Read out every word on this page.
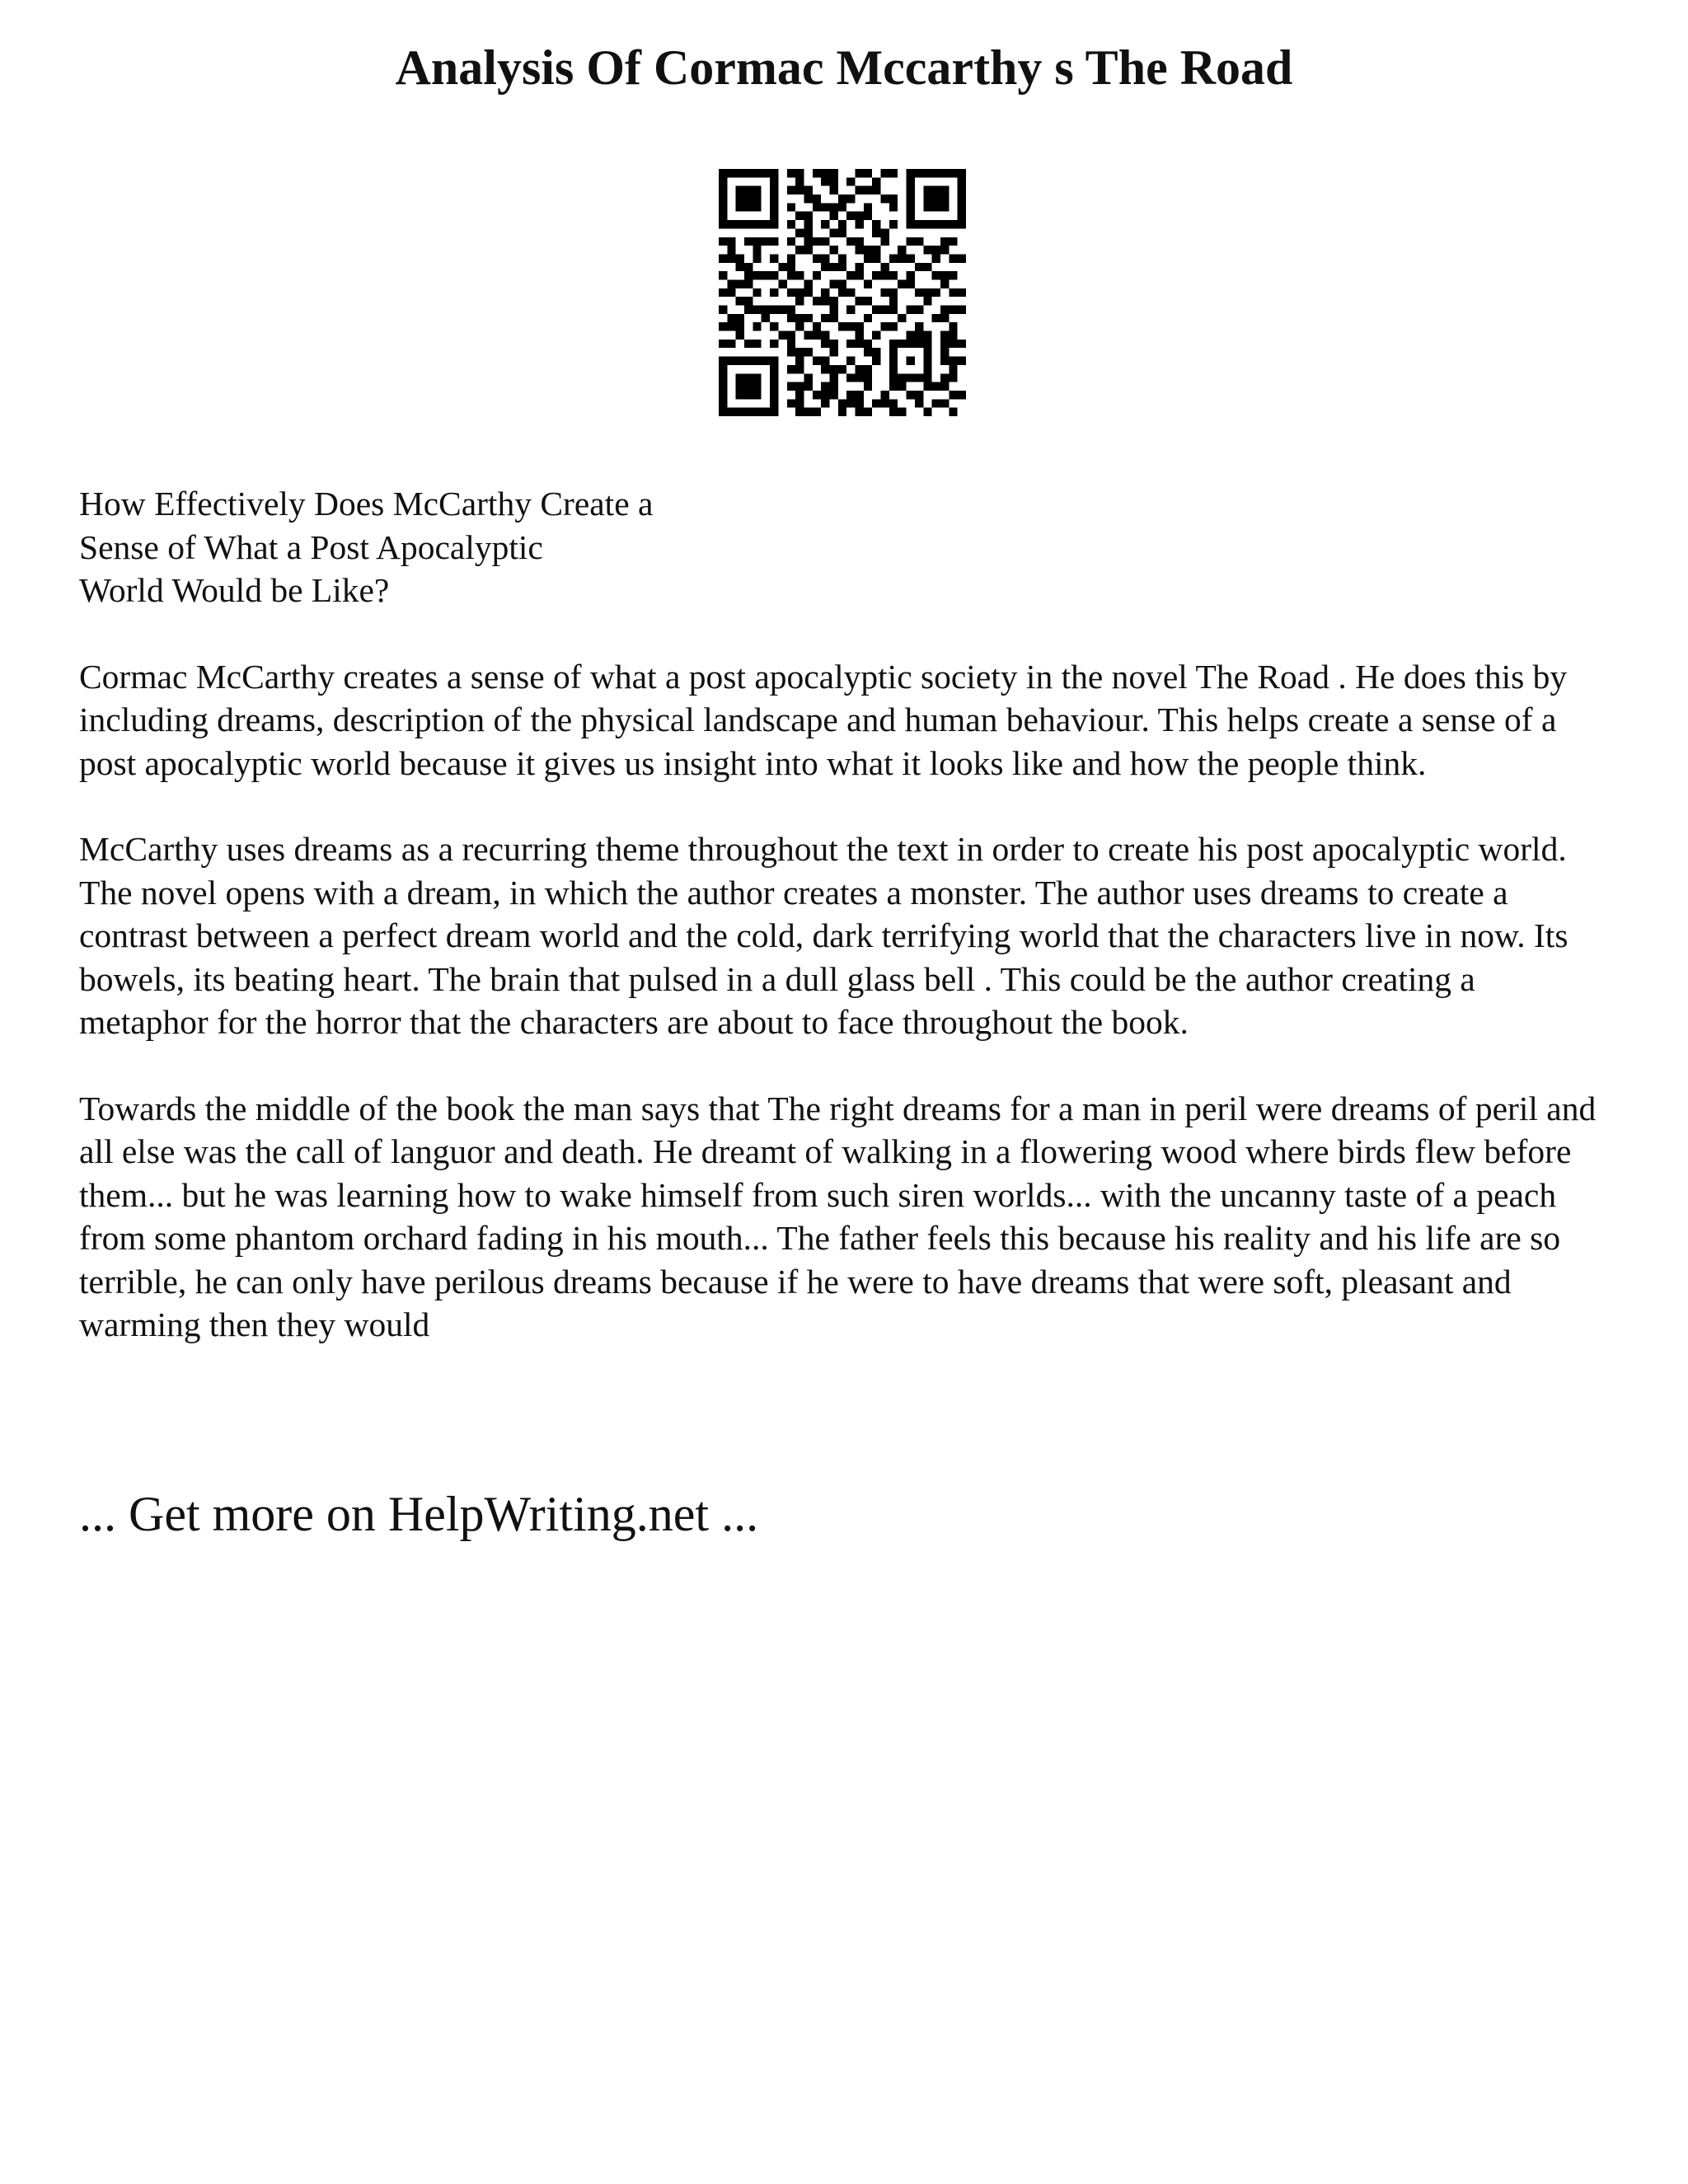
Analysis Of Cormac Mccarthy s The Road
How Effectively Does McCarthy Create a
Sense of What a Post Apocalyptic
World Would be Like?

Cormac McCarthy creates a sense of what a post apocalyptic society in the novel The Road . He does this by including dreams, description of the physical landscape and human behaviour. This helps create a sense of a post apocalyptic world because it gives us insight into what it looks like and how the people think.

McCarthy uses dreams as a recurring theme throughout the text in order to create his post apocalyptic world. The novel opens with a dream, in which the author creates a monster. The author uses dreams to create a contrast between a perfect dream world and the cold, dark terrifying world that the characters live in now. Its bowels, its beating heart. The brain that pulsed in a dull glass bell . This could be the author creating a metaphor for the horror that the characters are about to face throughout the book.

Towards the middle of the book the man says that The right dreams for a man in peril were dreams of peril and all else was the call of languor and death. He dreamt of walking in a flowering wood where birds flew before them... but he was learning how to wake himself from such siren worlds... with the uncanny taste of a peach from some phantom orchard fading in his mouth... The father feels this because his reality and his life are so terrible, he can only have perilous dreams because if he were to have dreams that were soft, pleasant and warming then they would

... Get more on HelpWriting.net ...
